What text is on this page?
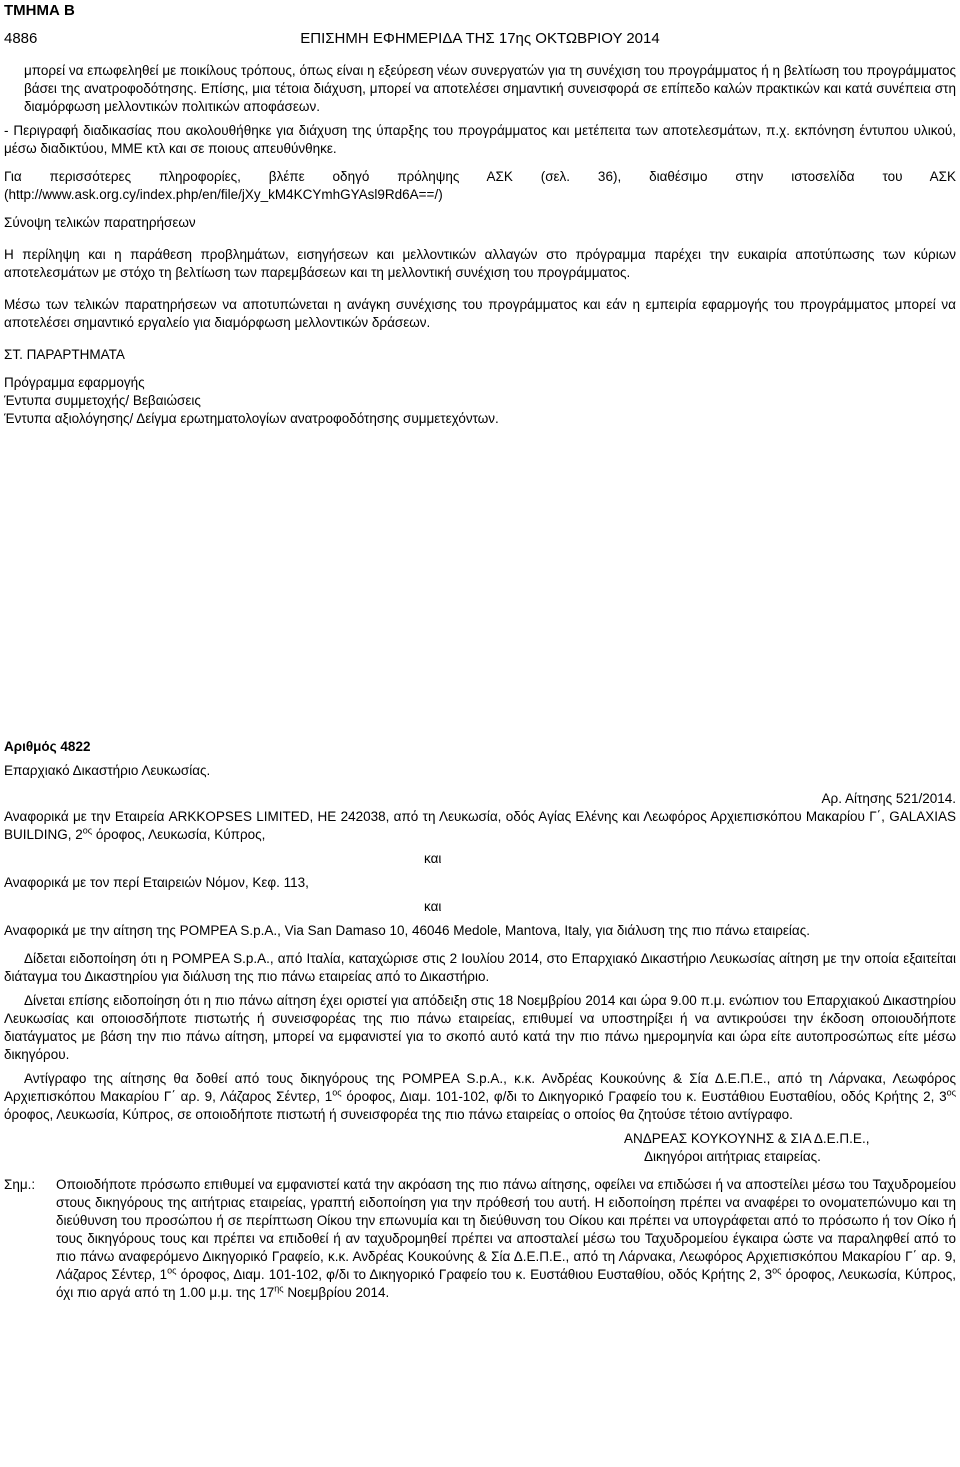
ΤΜΗΜΑ Β

4886	ΕΠΙΣΗΜΗ ΕΦΗΜΕΡΙΔΑ ΤΗΣ 17ης ΟΚΤΩΒΡΙΟΥ 2014

μπορεί να επωφεληθεί με ποικίλους τρόπους, όπως είναι η εξεύρεση νέων συνεργατών για τη συνέχιση του προγράμματος ή η βελτίωση του προγράμματος βάσει της ανατροφοδότησης. Επίσης, μια τέτοια διάχυση, μπορεί να αποτελέσει σημαντική συνεισφορά σε επίπεδο καλών πρακτικών και κατά συνέπεια στη διαμόρφωση μελλοντικών πολιτικών αποφάσεων.

- Περιγραφή διαδικασίας που ακολουθήθηκε για διάχυση της ύπαρξης του προγράμματος και μετέπειτα των αποτελεσμάτων, π.χ. εκπόνηση έντυπου υλικού, μέσω διαδικτύου, ΜΜΕ κτλ και σε ποιους απευθύνθηκε.

Για περισσότερες πληροφορίες, βλέπε οδηγό πρόληψης ΑΣΚ (σελ. 36), διαθέσιμο στην ιστοσελίδα του ΑΣΚ (http://www.ask.org.cy/index.php/en/file/jXy_kM4KCYmhGYAsl9Rd6A==/)

Σύνοψη τελικών παρατηρήσεων

Η περίληψη και η παράθεση προβλημάτων, εισηγήσεων και μελλοντικών αλλαγών στο πρόγραμμα παρέχει την ευκαιρία αποτύπωσης των κύριων αποτελεσμάτων με στόχο τη βελτίωση των παρεμβάσεων και τη μελλοντική συνέχιση του προγράμματος.

Μέσω των τελικών παρατηρήσεων να αποτυπώνεται η ανάγκη συνέχισης του προγράμματος και εάν η εμπειρία εφαρμογής του προγράμματος μπορεί να αποτελέσει σημαντικό εργαλείο για διαμόρφωση μελλοντικών δράσεων.

ΣΤ. ΠΑΡΑΡΤΗΜΑΤΑ

Πρόγραμμα εφαρμογής

Έντυπα συμμετοχής/ Βεβαιώσεις

Έντυπα αξιολόγησης/ Δείγμα ερωτηματολογίων ανατροφοδότησης συμμετεχόντων.

Αριθμός 4822

Επαρχιακό Δικαστήριο Λευκωσίας.

Αρ. Αίτησης 521/2014.

Αναφορικά με την Εταιρεία ARKKOPSES LIMITED, ΗΕ 242038, από τη Λευκωσία, οδός Αγίας Ελένης και Λεωφόρος Αρχιεπισκόπου Μακαρίου Γ΄, GALAXIAS BUILDING, $2^{o\varsigma}$ όροφος, Λευκωσία, Κύπρος,

και

Αναφορικά με τον περί Εταιρειών Νόμον, Κεφ. 113,

και

Αναφορικά με την αίτηση της POMPEA S.p.A., Via San Damaso 10, 46046 Medole, Mantova, Italy, για διάλυση της πιο πάνω εταιρείας.

Δίδεται ειδοποίηση ότι η POMPEA S.p.A., από Ιταλία, καταχώρισε στις 2 Ιουλίου 2014, στο Επαρχιακό Δικαστήριο Λευκωσίας αίτηση με την οποία εξαιτείται διάταγμα του Δικαστηρίου για διάλυση της πιο πάνω εταιρείας από το Δικαστήριο.

Δίνεται επίσης ειδοποίηση ότι η πιο πάνω αίτηση έχει οριστεί για απόδειξη στις 18 Νοεμβρίου 2014 και ώρα 9.00 π.μ. ενώπιον του Επαρχιακού Δικαστηρίου Λευκωσίας και οποιοσδήποτε πιστωτής ή συνεισφορέας της πιο πάνω εταιρείας, επιθυμεί να υποστηρίξει ή να αντικρούσει την έκδοση οποιουδήποτε διατάγματος με βάση την πιο πάνω αίτηση, μπορεί να εμφανιστεί για το σκοπό αυτό κατά την πιο πάνω ημερομηνία και ώρα είτε αυτοπροσώπως είτε μέσω δικηγόρου.

Αντίγραφο της αίτησης θα δοθεί από τους δικηγόρους της POMPEA S.p.A., κ.κ. Ανδρέας Κουκούνης & Σία Δ.Ε.Π.Ε., από τη Λάρνακα, Λεωφόρος Αρχιεπισκόπου Μακαρίου Γ΄ αρ. 9, Λάζαρος Σέντερ, $1^{o\varsigma}$ όροφος, Διαμ. 101-102, φ/δι το Δικηγορικό Γραφείο του κ. Ευστάθιου Ευσταθίου, οδός Κρήτης 2, $3^{o\varsigma}$ όροφος, Λευκωσία, Κύπρος, σε οποιοδήποτε πιστωτή ή συνεισφορέα της πιο πάνω εταιρείας ο οποίος θα ζητούσε τέτοιο αντίγραφο.

ΑΝΔΡΕΑΣ ΚΟΥΚΟΥΝΗΣ & ΣΙΑ Δ.Ε.Π.Ε.,

Δικηγόροι αιτήτριας εταιρείας.

Σημ.:	Οποιοδήποτε πρόσωπο επιθυμεί να εμφανιστεί κατά την ακρόαση της πιο πάνω αίτησης, οφείλει να επιδώσει ή να αποστείλει μέσω του Ταχυδρομείου στους δικηγόρους της αιτήτριας εταιρείας, γραπτή ειδοποίηση για την πρόθεσή του αυτή. Η ειδοποίηση πρέπει να αναφέρει το ονοματεπώνυμο και τη διεύθυνση του προσώπου ή σε περίπτωση Οίκου την επωνυμία και τη διεύθυνση του Οίκου και πρέπει να υπογράφεται από το πρόσωπο ή τον Οίκο ή τους δικηγόρους τους και πρέπει να επιδοθεί ή αν ταχυδρομηθεί πρέπει να αποσταλεί μέσω του Ταχυδρομείου έγκαιρα ώστε να παραληφθεί από το πιο πάνω αναφερόμενο Δικηγορικό Γραφείο, κ.κ. Ανδρέας Κουκούνης & Σία Δ.Ε.Π.Ε., από τη Λάρνακα, Λεωφόρος Αρχιεπισκόπου Μακαρίου Γ΄ αρ. 9, Λάζαρος Σέντερ, $1^{o\varsigma}$ όροφος, Διαμ. 101-102, φ/δι το Δικηγορικό Γραφείο του κ. Ευστάθιου Ευσταθίου, οδός Κρήτης 2, $3^{o\varsigma}$ όροφος, Λευκωσία, Κύπρος, όχι πιο αργά από τη 1.00 μ.μ. της $17^{\eta\varsigma}$ Νοεμβρίου 2014.
